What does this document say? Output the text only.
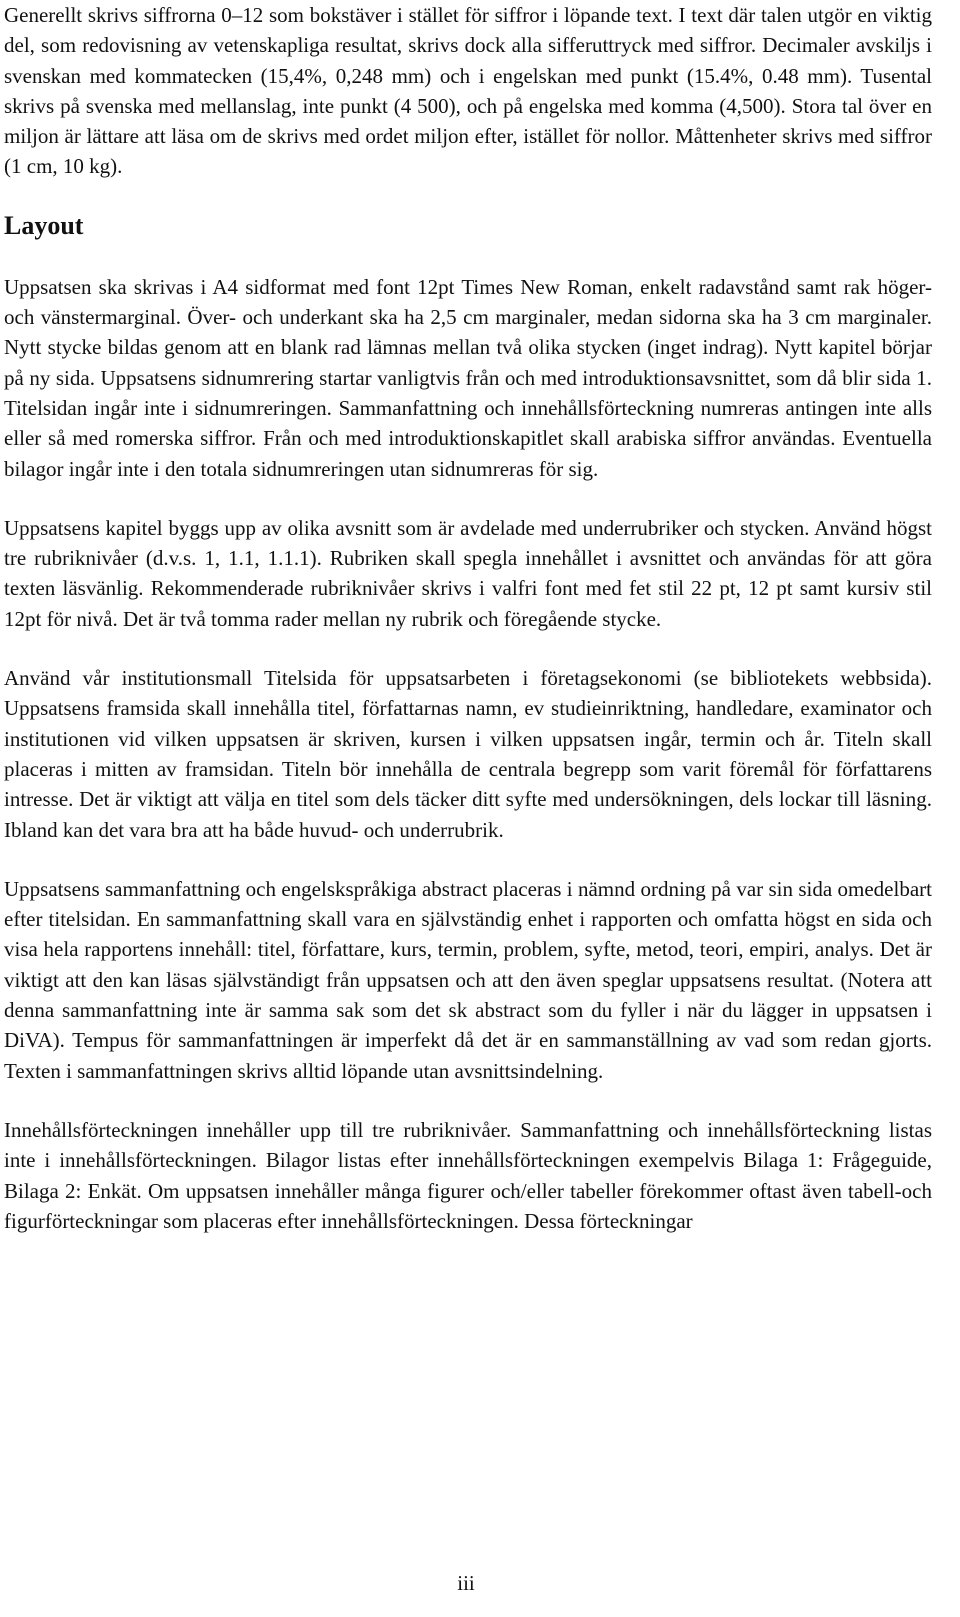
Generellt skrivs siffrorna 0–12 som bokstäver i stället för siffror i löpande text. I text där talen utgör en viktig del, som redovisning av vetenskapliga resultat, skrivs dock alla sifferuttryck med siffror. Decimaler avskiljs i svenskan med kommatecken (15,4%, 0,248 mm) och i engelskan med punkt (15.4%, 0.48 mm). Tusental skrivs på svenska med mellanslag, inte punkt (4 500), och på engelska med komma (4,500). Stora tal över en miljon är lättare att läsa om de skrivs med ordet miljon efter, istället för nollor. Måttenheter skrivs med siffror (1 cm, 10 kg).

Layout

Uppsatsen ska skrivas i A4 sidformat med font 12pt Times New Roman, enkelt radavstånd samt rak höger- och vänstermarginal. Över- och underkant ska ha 2,5 cm marginaler, medan sidorna ska ha 3 cm marginaler. Nytt stycke bildas genom att en blank rad lämnas mellan två olika stycken (inget indrag). Nytt kapitel börjar på ny sida. Uppsatsens sidnumrering startar vanligtvis från och med introduktionsavsnittet, som då blir sida 1. Titelsidan ingår inte i sidnumreringen. Sammanfattning och innehållsförteckning numreras antingen inte alls eller så med romerska siffror. Från och med introduktionskapitlet skall arabiska siffror användas. Eventuella bilagor ingår inte i den totala sidnumreringen utan sidnumreras för sig.

Uppsatsens kapitel byggs upp av olika avsnitt som är avdelade med underrubriker och stycken. Använd högst tre rubriknivåer (d.v.s. 1, 1.1, 1.1.1). Rubriken skall spegla innehållet i avsnittet och användas för att göra texten läsvänlig. Rekommenderade rubriknivåer skrivs i valfri font med fet stil 22 pt, 12 pt samt kursiv stil 12pt för nivå. Det är två tomma rader mellan ny rubrik och föregående stycke.

Använd vår institutionsmall Titelsida för uppsatsarbeten i företagsekonomi (se bibliotekets webbsida). Uppsatsens framsida skall innehålla titel, författarnas namn, ev studieinriktning, handledare, examinator och institutionen vid vilken uppsatsen är skriven, kursen i vilken uppsatsen ingår, termin och år. Titeln skall placeras i mitten av framsidan. Titeln bör innehålla de centrala begrepp som varit föremål för författarens intresse. Det är viktigt att välja en titel som dels täcker ditt syfte med undersökningen, dels lockar till läsning. Ibland kan det vara bra att ha både huvud- och underrubrik.

Uppsatsens sammanfattning och engelskspråkiga abstract placeras i nämnd ordning på var sin sida omedelbart efter titelsidan. En sammanfattning skall vara en självständig enhet i rapporten och omfatta högst en sida och visa hela rapportens innehåll: titel, författare, kurs, termin, problem, syfte, metod, teori, empiri, analys. Det är viktigt att den kan läsas självständigt från uppsatsen och att den även speglar uppsatsens resultat. (Notera att denna sammanfattning inte är samma sak som det sk abstract som du fyller i när du lägger in uppsatsen i DiVA). Tempus för sammanfattningen är imperfekt då det är en sammanställning av vad som redan gjorts. Texten i sammanfattningen skrivs alltid löpande utan avsnittsindelning.

Innehållsförteckningen innehåller upp till tre rubriknivåer. Sammanfattning och innehållsförteckning listas inte i innehållsförteckningen. Bilagor listas efter innehållsförteckningen exempelvis Bilaga 1: Frågeguide, Bilaga 2: Enkät. Om uppsatsen innehåller många figurer och/eller tabeller förekommer oftast även tabell-och figurförteckningar som placeras efter innehållsförteckningen. Dessa förteckningar

iii
